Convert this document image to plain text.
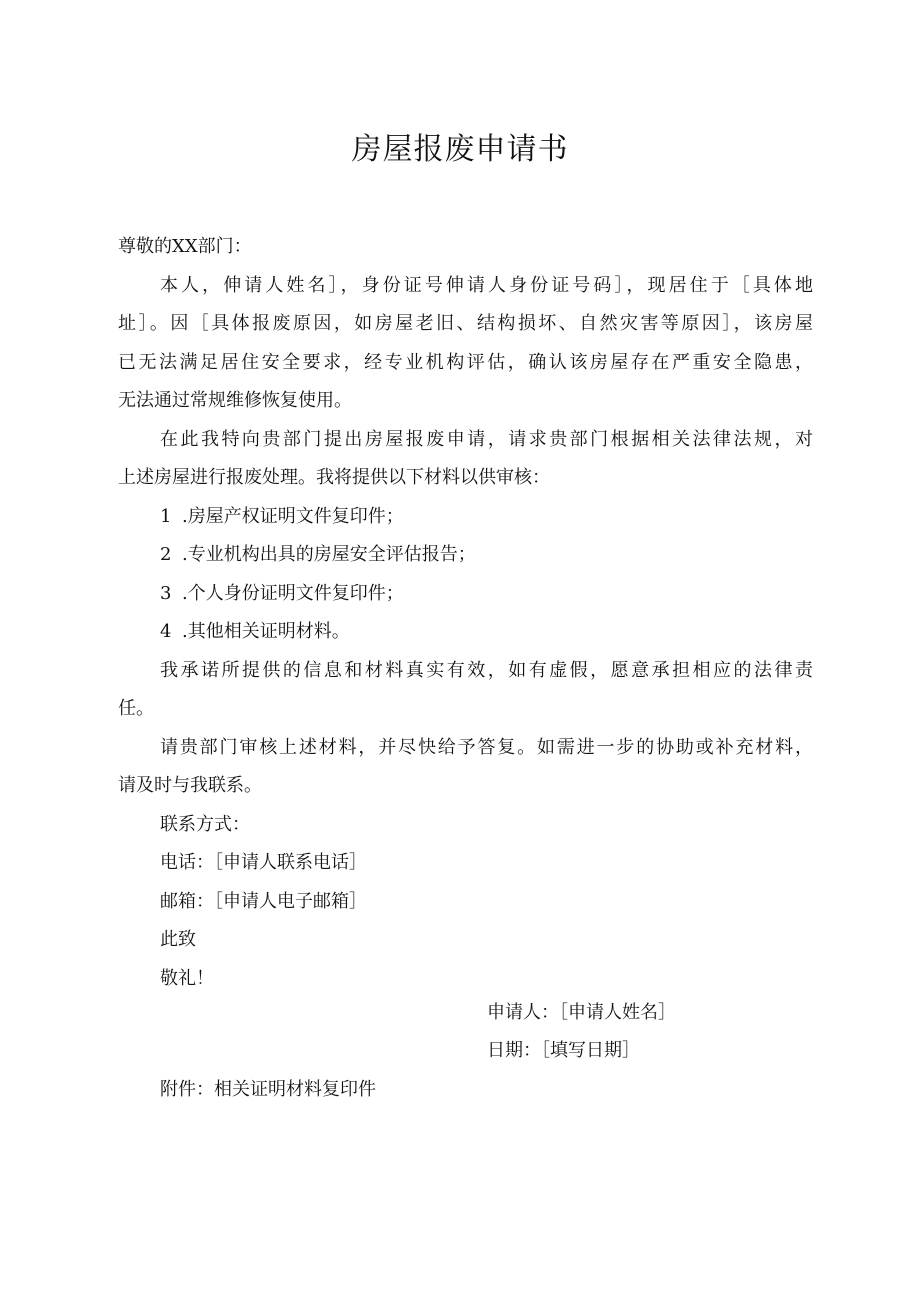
房屋报废申请书
尊敬的XX部门：
本人，伸请人姓名］，身份证号伸请人身份证号码］，现居住于［具体地
址］。因［具体报废原因，如房屋老旧、结构损坏、自然灾害等原因］，该房屋
已无法满足居住安全要求，经专业机构评估，确认该房屋存在严重安全隐患，
无法通过常规维修恢复使用。
在此我特向贵部门提出房屋报废申请，请求贵部门根据相关法律法规，对
上述房屋进行报废处理。我将提供以下材料以供审核：
1 .房屋产权证明文件复印件；
2 .专业机构出具的房屋安全评估报告；
3 .个人身份证明文件复印件；
4 .其他相关证明材料。
我承诺所提供的信息和材料真实有效，如有虚假，愿意承担相应的法律责
任。
请贵部门审核上述材料，并尽快给予答复。如需进一步的协助或补充材料，
请及时与我联系。
联系方式：
电话：［申请人联系电话］
邮箱：［申请人电子邮箱］
此致
敬礼！
申请人：［申请人姓名］
日期：［填写日期］
附件：相关证明材料复印件
